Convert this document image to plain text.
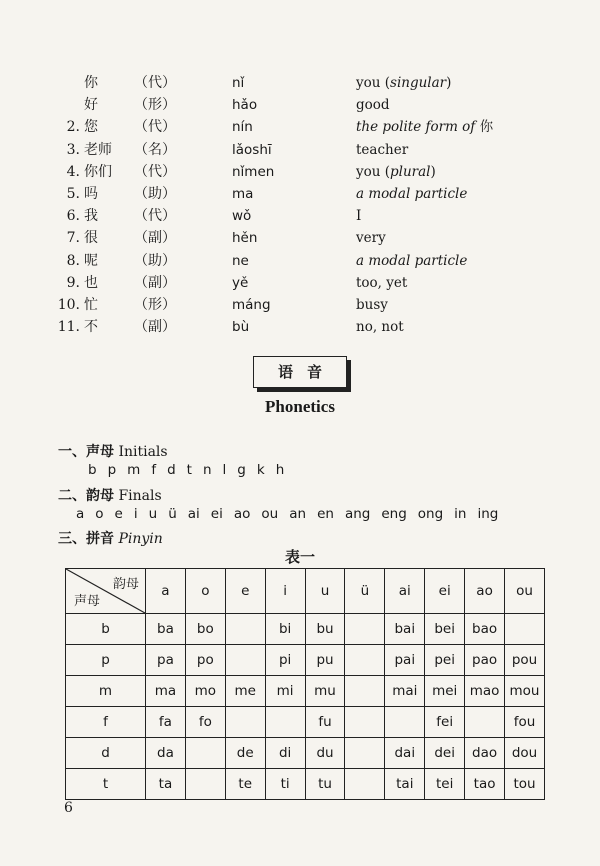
你	（代）	nǐ	you (singular)
好	（形）	hǎo	good
2. 您	（代）	nín	the polite form of 你
3. 老师 （名）	lǎoshī	teacher
4. 你们 （代）	nǐmen	you (plural)
5. 吗	（助）	ma	a modal particle
6. 我	（代）	wǒ	I
7. 很	（副）	hěn	very
8. 呢	（助）	ne	a modal particle
9. 也	（副）	yě	too, yet
10. 忙	（形）	máng	busy
11. 不	（副）	bù	no, not
语音
Phonetics
一、声母 Initials
b p m f d t n l g k h
二、韵母 Finals
a o e i u ü ai ei ao ou an en ang eng ong in ing
三、拼音 Pinyin
表一
韵母
声母	a	o	e	i	u	ü	ai	ei	ao	ou
b	ba	bo		bi	bu		bai	bei	bao	
p	pa	po		pi	pu		pai	pei	pao	pou
m	ma	mo	me	mi	mu		mai	mei	mao	mou
f	fa	fo			fu			fei		fou
d	da		de	di	du		dai	dei	dao	dou
t	ta		te	ti	tu		tai	tei	tao	tou
6
